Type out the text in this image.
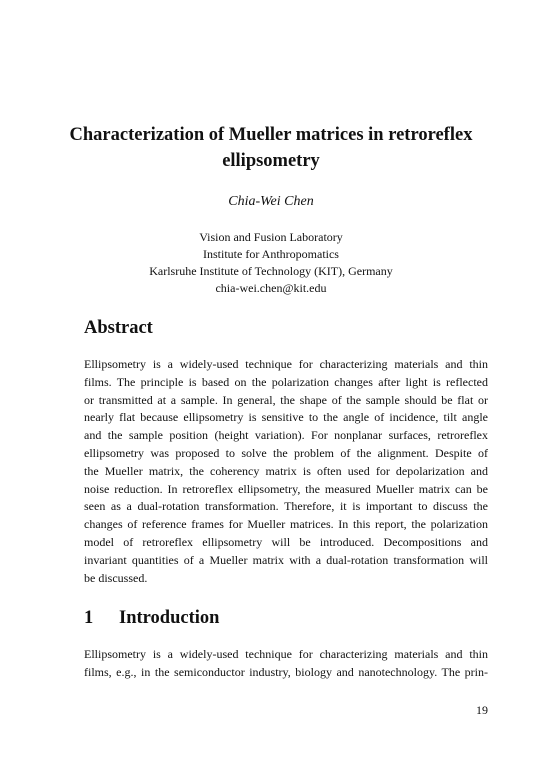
Characterization of Mueller matrices in retroreflex
ellipsometry
Chia-Wei Chen
Vision and Fusion Laboratory
Institute for Anthropomatics
Karlsruhe Institute of Technology (KIT), Germany
chia-wei.chen@kit.edu
Abstract
Ellipsometry is a widely-used technique for characterizing materials and thin
films. The principle is based on the polarization changes after light is reflected
or transmitted at a sample. In general, the shape of the sample should be flat or
nearly flat because ellipsometry is sensitive to the angle of incidence, tilt angle
and the sample position (height variation). For nonplanar surfaces, retroreflex
ellipsometry was proposed to solve the problem of the alignment. Despite of
the Mueller matrix, the coherency matrix is often used for depolarization and
noise reduction. In retroreflex ellipsometry, the measured Mueller matrix can be
seen as a dual-rotation transformation. Therefore, it is important to discuss the
changes of reference frames for Mueller matrices. In this report, the polarization
model of retroreflex ellipsometry will be introduced. Decompositions and
invariant quantities of a Mueller matrix with a dual-rotation transformation will
be discussed.
1 Introduction
Ellipsometry is a widely-used technique for characterizing materials and thin
films, e.g., in the semiconductor industry, biology and nanotechnology. The prin-
19
